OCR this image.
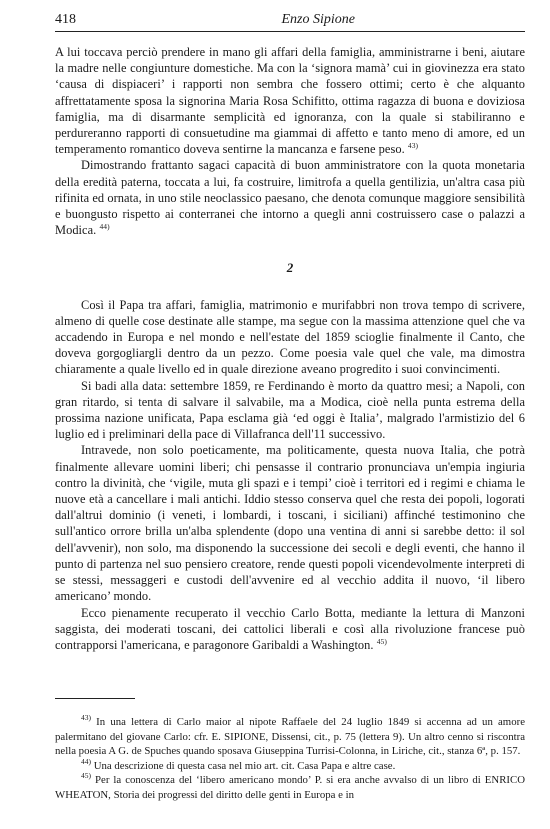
418	Enzo Sipione

A lui toccava perciò prendere in mano gli affari della famiglia, amministrarne i beni, aiutare la madre nelle congiunture domestiche. Ma con la ‘signora mamà’ cui in giovinezza era stato ‘causa di dispiaceri’ i rapporti non sembra che fossero ottimi; certo è che alquanto affrettatamente sposa la signorina Maria Rosa Schifitto, ottima ragazza di buona e doviziosa famiglia, ma di disarmante semplicità ed ignoranza, con la quale si stabiliranno e perdureranno rapporti di consuetudine ma giammai di affetto e tanto meno di amore, ed un temperamento romantico doveva sentirne la mancanza e farsene peso. $^{43)}$

Dimostrando frattanto sagaci capacità di buon amministratore con la quota monetaria della eredità paterna, toccata a lui, fa costruire, limitrofa a quella gentilizia, un'altra casa più rifinita ed ornata, in uno stile neoclassico paesano, che denota comunque maggiore sensibilità e buongusto rispetto ai conterranei che intorno a quegli anni costruissero case o palazzi a Modica. $^{44)}$

2

Così il Papa tra affari, famiglia, matrimonio e murifabbri non trova tempo di scrivere, almeno di quelle cose destinate alle stampe, ma segue con la massima attenzione quel che va accadendo in Europa e nel mondo e nell'estate del 1859 scioglie finalmente il Canto, che doveva gorgogliargli dentro da un pezzo. Come poesia vale quel che vale, ma dimostra chiaramente a quale livello ed in quale direzione aveano progredito i suoi convincimenti.

Si badi alla data: settembre 1859, re Ferdinando è morto da quattro mesi; a Napoli, con gran ritardo, si tenta di salvare il salvabile, ma a Modica, cioè nella punta estrema della prossima nazione unificata, Papa esclama già ‘ed oggi è Italia’, malgrado l'armistizio del 6 luglio ed i preliminari della pace di Villafranca dell'11 successivo.

Intravede, non solo poeticamente, ma politicamente, questa nuova Italia, che potrà finalmente allevare uomini liberi; chi pensasse il contrario pronunciava un'empia ingiuria contro la divinità, che ‘vigile, muta gli spazi e i tempi’ cioè i territori ed i regimi e chiama le nuove età a cancellare i mali antichi. Iddio stesso conserva quel che resta dei popoli, logorati dall'altrui dominio (i veneti, i lombardi, i toscani, i siciliani) affinché testimonino che sull'antico orrore brilla un'alba splendente (dopo una ventina di anni si sarebbe detto: il sol dell'avvenir), non solo, ma disponendo la successione dei secoli e degli eventi, che hanno il punto di partenza nel suo pensiero creatore, rende questi popoli vicendevolmente interpreti di se stessi, messaggeri e custodi dell'avvenire ed al vecchio addita il nuovo, ‘il libero americano’ mondo.

Ecco pienamente recuperato il vecchio Carlo Botta, mediante la lettura di Manzoni saggista, dei moderati toscani, dei cattolici liberali e così alla rivoluzione francese può contrapporsi l'americana, e paragonore Garibaldi a Washington. $^{45)}$

$^{43)}$ In una lettera di Carlo maior al nipote Raffaele del 24 luglio 1849 si accenna ad un amore palermitano del giovane Carlo: cfr. E. SIPIONE, Dissensi, cit., p. 75 (lettera 9). Un altro cenno si riscontra nella poesia A G. de Spuches quando sposava Giuseppina Turrisi-Colonna, in Liriche, cit., stanza 6ª, p. 157.

$^{44)}$ Una descrizione di questa casa nel mio art. cit. Casa Papa e altre case.

$^{45)}$ Per la conoscenza del ‘libero americano mondo’ P. si era anche avvalso di un libro di ENRICO WHEATON, Storia dei progressi del diritto delle genti in Europa e in
